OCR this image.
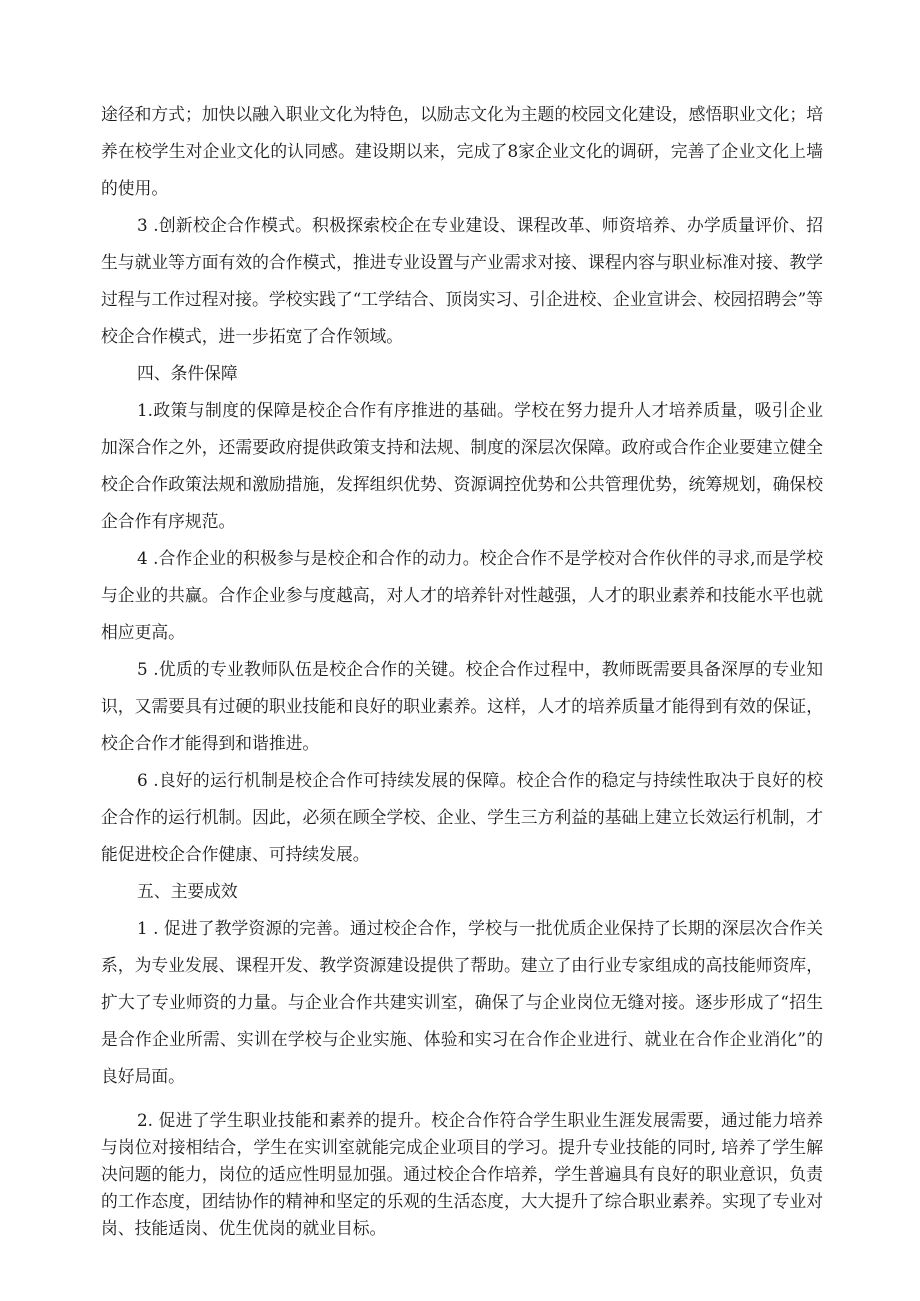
途径和方式；加快以融入职业文化为特色，以励志文化为主题的校园文化建设，感悟职业文化；培养在校学生对企业文化的认同感。建设期以来，完成了8家企业文化的调研，完善了企业文化上墙的使用。

3 .创新校企合作模式。积极探索校企在专业建设、课程改革、师资培养、办学质量评价、招生与就业等方面有效的合作模式，推进专业设置与产业需求对接、课程内容与职业标准对接、教学过程与工作过程对接。学校实践了“工学结合、顶岗实习、引企进校、企业宣讲会、校园招聘会”等校企合作模式，进一步拓宽了合作领域。

四、条件保障

1.政策与制度的保障是校企合作有序推进的基础。学校在努力提升人才培养质量，吸引企业加深合作之外，还需要政府提供政策支持和法规、制度的深层次保障。政府或合作企业要建立健全校企合作政策法规和激励措施，发挥组织优势、资源调控优势和公共管理优势，统筹规划，确保校企合作有序规范。

4 .合作企业的积极参与是校企和合作的动力。校企合作不是学校对合作伙伴的寻求,而是学校与企业的共赢。合作企业参与度越高，对人才的培养针对性越强，人才的职业素养和技能水平也就相应更高。

5 .优质的专业教师队伍是校企合作的关键。校企合作过程中，教师既需要具备深厚的专业知识，又需要具有过硬的职业技能和良好的职业素养。这样，人才的培养质量才能得到有效的保证，校企合作才能得到和谐推进。

6 .良好的运行机制是校企合作可持续发展的保障。校企合作的稳定与持续性取决于良好的校企合作的运行机制。因此，必须在顾全学校、企业、学生三方利益的基础上建立长效运行机制，才能促进校企合作健康、可持续发展。

五、主要成效

1 . 促进了教学资源的完善。通过校企合作，学校与一批优质企业保持了长期的深层次合作关系，为专业发展、课程开发、教学资源建设提供了帮助。建立了由行业专家组成的高技能师资库，扩大了专业师资的力量。与企业合作共建实训室，确保了与企业岗位无缝对接。逐步形成了“招生是合作企业所需、实训在学校与企业实施、体验和实习在合作企业进行、就业在合作企业消化”的良好局面。

2. 促进了学生职业技能和素养的提升。校企合作符合学生职业生涯发展需要，通过能力培养与岗位对接相结合，学生在实训室就能完成企业项目的学习。提升专业技能的同时, 培养了学生解决问题的能力，岗位的适应性明显加强。通过校企合作培养，学生普遍具有良好的职业意识，负责的工作态度，团结协作的精神和坚定的乐观的生活态度，大大提升了综合职业素养。实现了专业对岗、技能适岗、优生优岗的就业目标。
